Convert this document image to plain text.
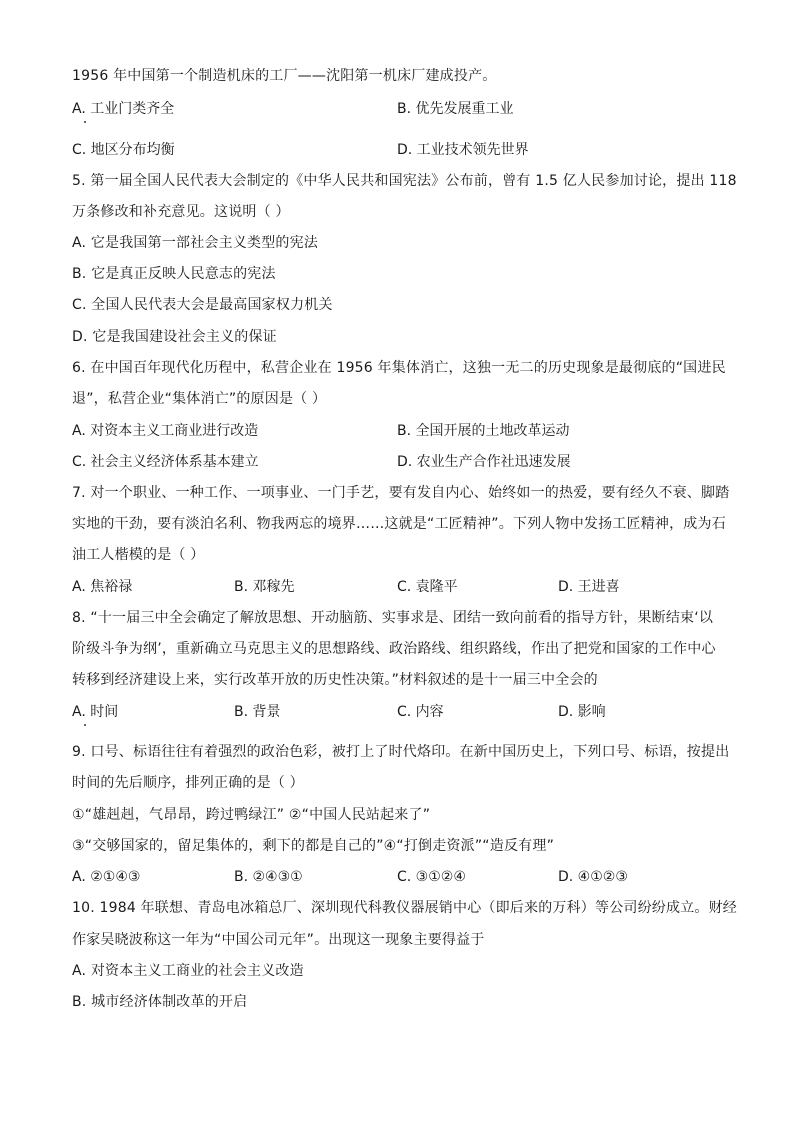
1956 年中国第一个制造机床的工厂——沈阳第一机床厂建成投产。
A. 工业门类齐全	B. 优先发展重工业
C. 地区分布均衡	D. 工业技术领先世界
5. 第一届全国人民代表大会制定的《中华人民共和国宪法》公布前，曾有 1.5 亿人民参加讨论，提出 118
万条修改和补充意见。这说明（ ）
A. 它是我国第一部社会主义类型的宪法
B. 它是真正反映人民意志的宪法
C. 全国人民代表大会是最高国家权力机关
D. 它是我国建设社会主义的保证
6. 在中国百年现代化历程中，私营企业在 1956 年集体消亡，这独一无二的历史现象是最彻底的“国进民
退”，私营企业“集体消亡”的原因是（ ）
A. 对资本主义工商业进行改造	B. 全国开展的土地改革运动
C. 社会主义经济体系基本建立	D. 农业生产合作社迅速发展
7. 对一个职业、一种工作、一项事业、一门手艺，要有发自内心、始终如一的热爱，要有经久不衰、脚踏
实地的干劲，要有淡泊名利、物我两忘的境界……这就是“工匠精神”。下列人物中发扬工匠精神，成为石
油工人楷模的是（ ）
A. 焦裕禄	B. 邓稼先	C. 袁隆平	D. 王进喜
8. “十一届三中全会确定了解放思想、开动脑筋、实事求是、团结一致向前看的指导方针，果断结束‘以
阶级斗争为纲’，重新确立马克思主义的思想路线、政治路线、组织路线，作出了把党和国家的工作中心
转移到经济建设上来，实行改革开放的历史性决策。”材料叙述的是十一届三中全会的
A. 时间	B. 背景	C. 内容	D. 影响
9. 口号、标语往往有着强烈的政治色彩，被打上了时代烙印。在新中国历史上，下列口号、标语，按提出
时间的先后顺序，排列正确的是（ ）
①“雄赳赳，气昂昂，跨过鸭绿江” ②“中国人民站起来了”
③“交够国家的，留足集体的，剩下的都是自己的”④“打倒走资派”“造反有理”
A. ②①④③	B. ②④③①	C. ③①②④	D. ④①②③
10. 1984 年联想、青岛电冰箱总厂、深圳现代科教仪器展销中心（即后来的万科）等公司纷纷成立。财经
作家吴晓波称这一年为“中国公司元年”。出现这一现象主要得益于
A. 对资本主义工商业的社会主义改造
B. 城市经济体制改革的开启
